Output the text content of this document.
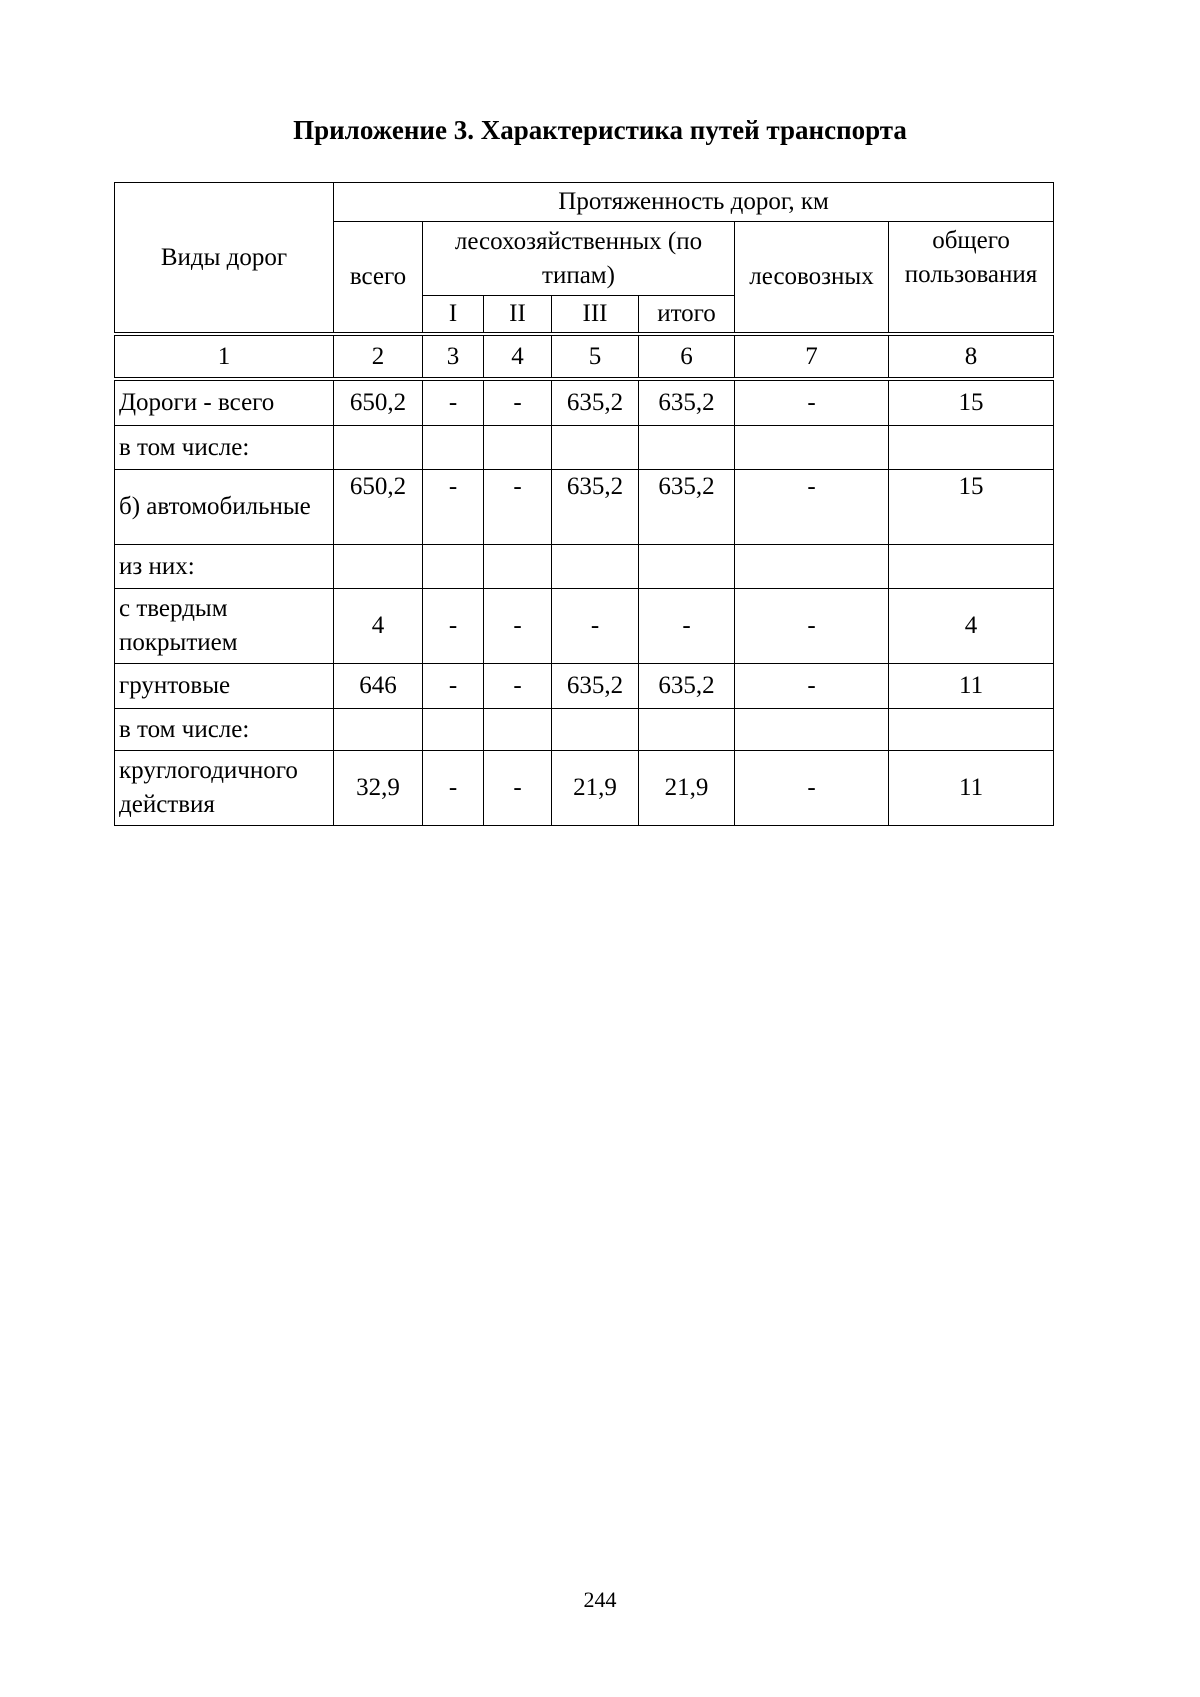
Приложение 3. Характеристика путей транспорта
Виды дорог	Протяженность дорог, км						
	всего	лесохозяйственных (по типам)				лесовозных	общего пользования
		I	II	III	итого		
1	2	3	4	5	6	7	8
Дороги - всего	650,2	-	-	635,2	635,2	-	15
в том числе:							
б) автомобильные	650,2	-	-	635,2	635,2	-	15
из них:							
с твердым покрытием	4	-	-	-	-	-	4
грунтовые	646	-	-	635,2	635,2	-	11
в том числе:							
круглогодичного действия	32,9	-	-	21,9	21,9	-	11
244
